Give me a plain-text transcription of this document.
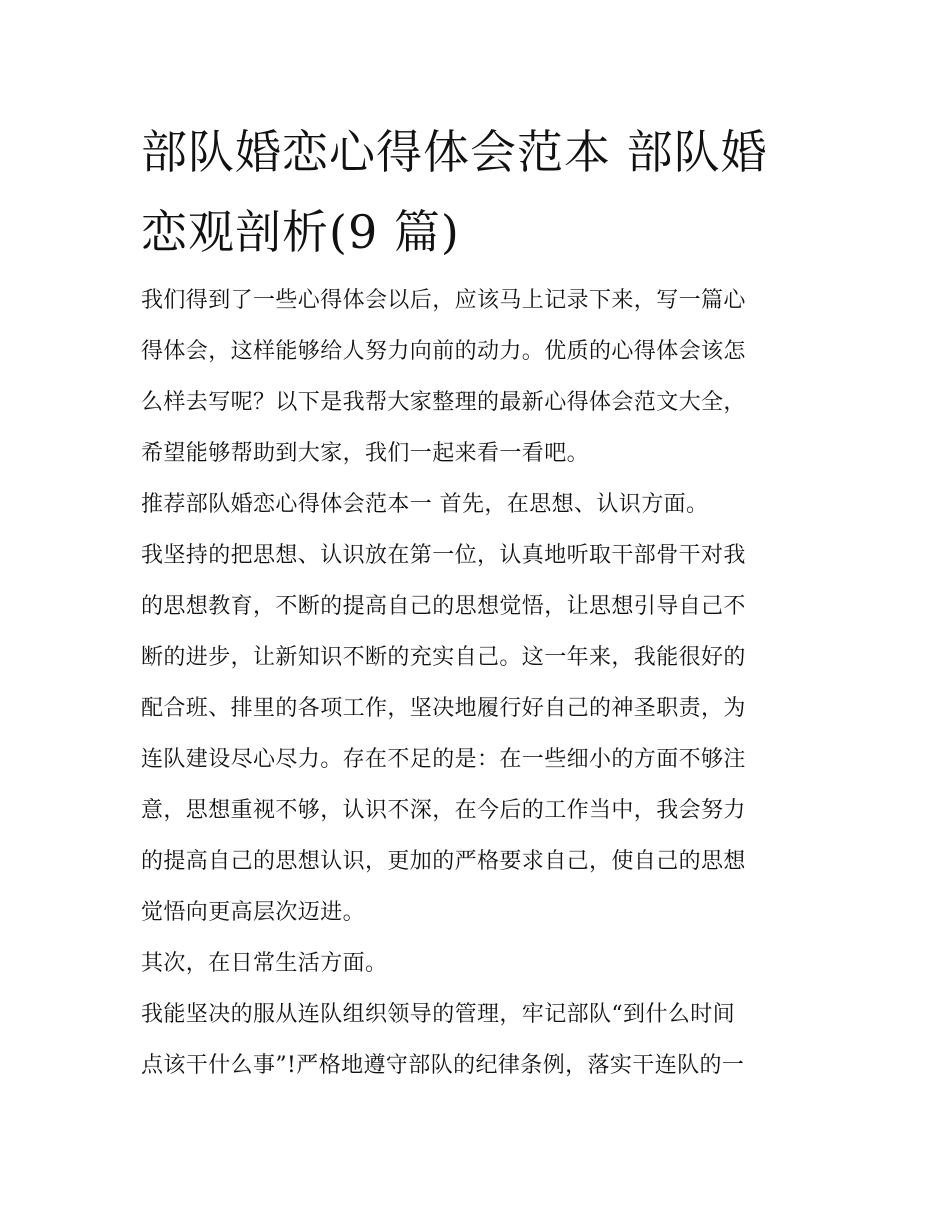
部队婚恋心得体会范本 部队婚
恋观剖析(9 篇)
我们得到了一些心得体会以后，应该马上记录下来，写一篇心
得体会，这样能够给人努力向前的动力。优质的心得体会该怎
么样去写呢？以下是我帮大家整理的最新心得体会范文大全，
希望能够帮助到大家，我们一起来看一看吧。
推荐部队婚恋心得体会范本一 首先，在思想、认识方面。
我坚持的把思想、认识放在第一位，认真地听取干部骨干对我
的思想教育，不断的提高自己的思想觉悟，让思想引导自己不
断的进步，让新知识不断的充实自己。这一年来，我能很好的
配合班、排里的各项工作，坚决地履行好自己的神圣职责，为
连队建设尽心尽力。存在不足的是：在一些细小的方面不够注
意，思想重视不够，认识不深，在今后的工作当中，我会努力
的提高自己的思想认识，更加的严格要求自己，使自己的思想
觉悟向更高层次迈进。
其次，在日常生活方面。
我能坚决的服从连队组织领导的管理，牢记部队“到什么时间
点该干什么事”!严格地遵守部队的纪律条例，落实干连队的一
